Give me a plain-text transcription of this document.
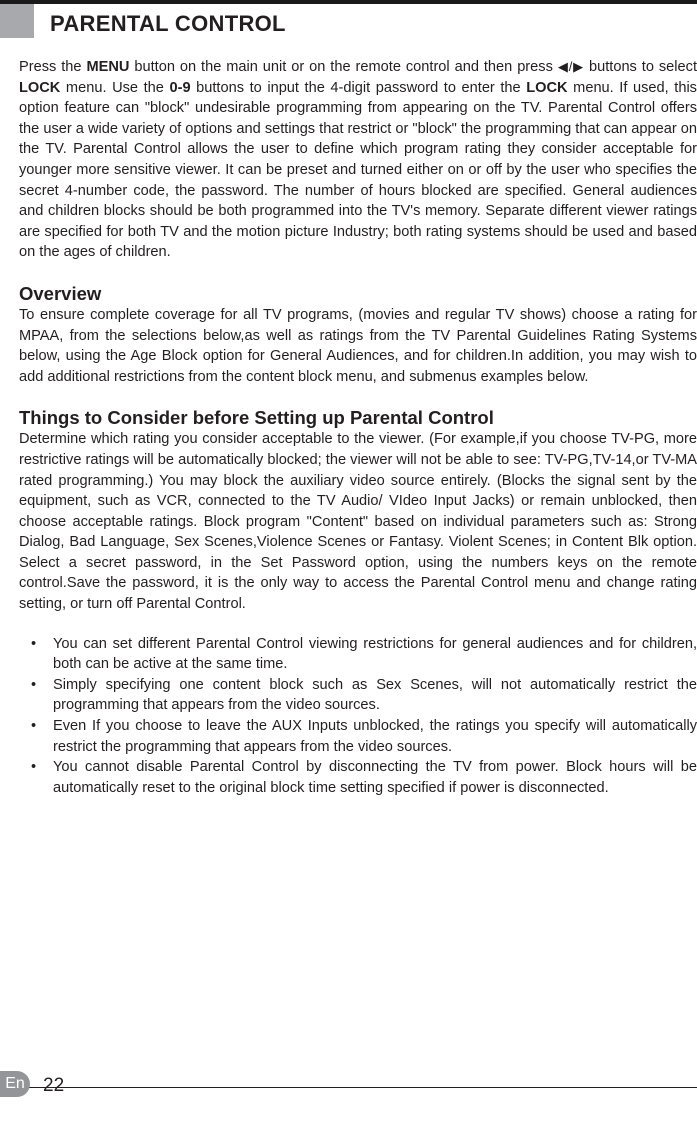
PARENTAL CONTROL

Press the MENU button on the main unit or on the remote control and then press ◀/▶ buttons to select LOCK menu. Use the 0-9 buttons to input the 4-digit password to enter the LOCK menu. If used, this option feature can "block" undesirable programming from appearing on the TV. Parental Control offers the user a wide variety of options and settings that restrict or "block" the programming that can appear on the TV. Parental Control allows the user to define which program rating they consider acceptable for younger more sensitive viewer. It can be preset and turned either on or off by the user who specifies the secret 4-number code, the password. The number of hours blocked are specified. General audiences and children blocks should be both programmed into the TV's memory. Separate different viewer ratings are specified for both TV and the motion picture Industry; both rating systems should be used and based on the ages of children.

Overview

To ensure complete coverage for all TV programs, (movies and regular TV shows) choose a rating for MPAA, from the selections below,as well as ratings from the TV Parental Guidelines Rating Systems below, using the Age Block option for General Audiences, and for children.In addition, you may wish to add additional restrictions from the content block menu, and submenus examples below.

Things to Consider before Setting up Parental Control

Determine which rating you consider acceptable to the viewer. (For example,if you choose TV-PG, more restrictive ratings will be automatically blocked; the viewer will not be able to see: TV-PG,TV-14,or TV-MA rated programming.) You may block the auxiliary video source entirely. (Blocks the signal sent by the equipment, such as VCR, connected to the TV Audio/ VIdeo Input Jacks) or remain unblocked, then choose acceptable ratings. Block program "Content" based on individual parameters such as: Strong Dialog, Bad Language, Sex Scenes,Violence Scenes or Fantasy. Violent Scenes; in Content Blk option. Select a secret password, in the Set Password option, using the numbers keys on the remote control.Save the password, it is the only way to access the Parental Control menu and change rating setting, or turn off Parental Control.

• You can set different Parental Control viewing restrictions for general audiences and for children, both can be active at the same time.
• Simply specifying one content block such as Sex Scenes, will not automatically restrict the programming that appears from the video sources.
• Even If you choose to leave the AUX Inputs unblocked, the ratings you specify will automatically restrict the programming that appears from the video sources.
• You cannot disable Parental Control by disconnecting the TV from power. Block hours will be automatically reset to the original block time setting specified if power is disconnected.
En 22
